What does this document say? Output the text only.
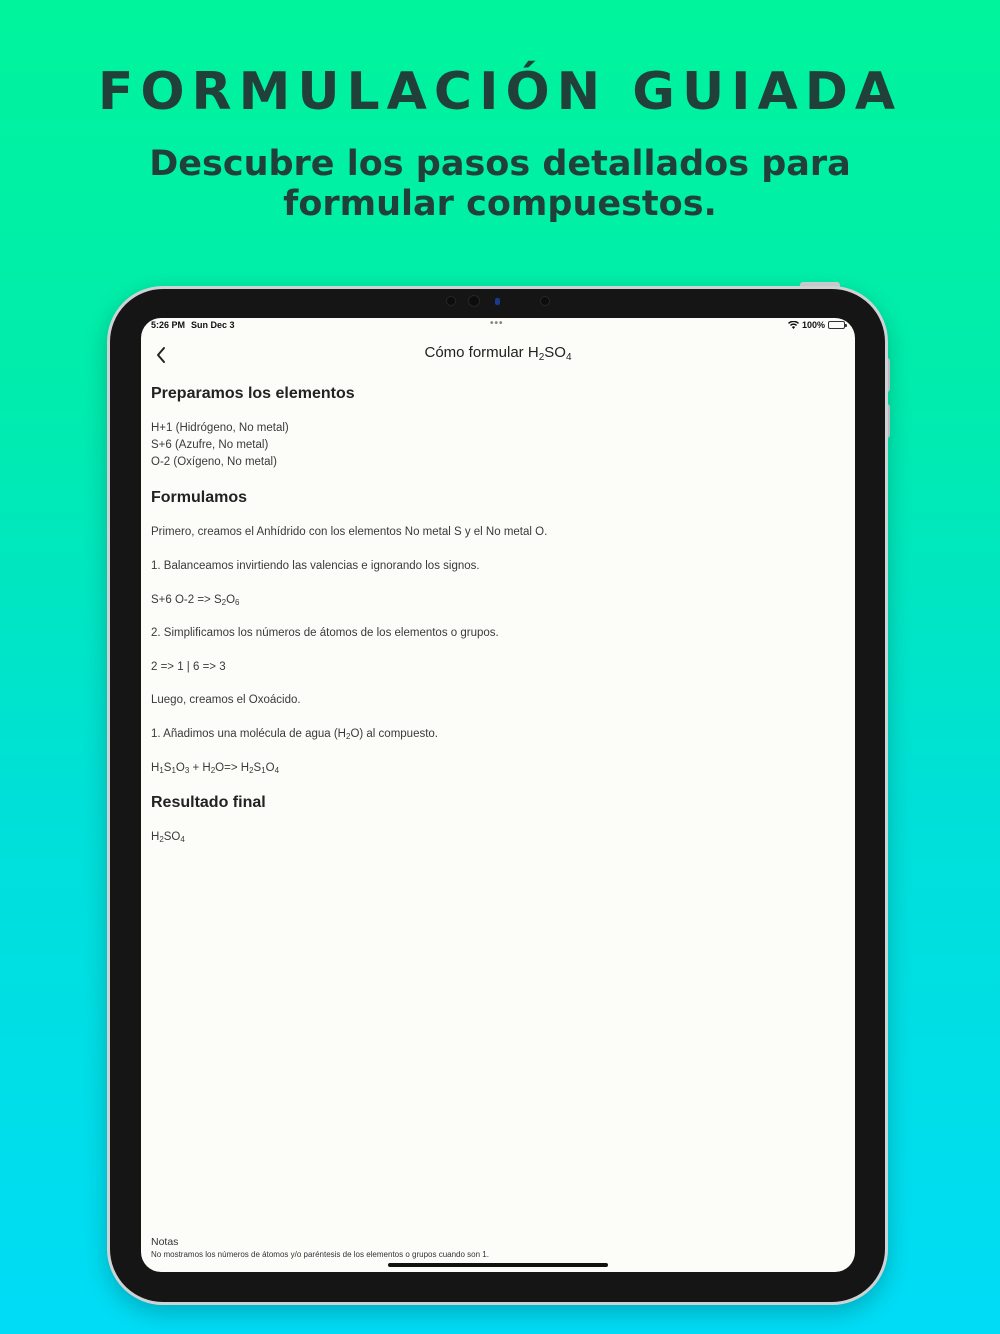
FORMULACIÓN GUIADA
Descubre los pasos detallados para formular compuestos.
5:26 PM Sun Dec 3	•••	100%
Cómo formular $H_2SO_4$
Preparamos los elementos
H+1 (Hidrógeno, No metal)
S+6 (Azufre, No metal)
O-2 (Oxígeno, No metal)
Formulamos
Primero, creamos el Anhídrido con los elementos No metal S y el No metal O.
1. Balanceamos invirtiendo las valencias e ignorando los signos.
S+6 $O-2 => S_2O_6$
2. Simplificamos los números de átomos de los elementos o grupos.
2 => 1 | 6 => 3
Luego, creamos el Oxoácido.
1. Añadimos una molécula de agua $(H_2O)$ al compuesto.
$H_1S_1O_3 + H_2O=> H_2S_1O_4$
Resultado final
$H_2SO_4$
Notas
No mostramos los números de átomos y/o paréntesis de los elementos o grupos cuando son 1.
